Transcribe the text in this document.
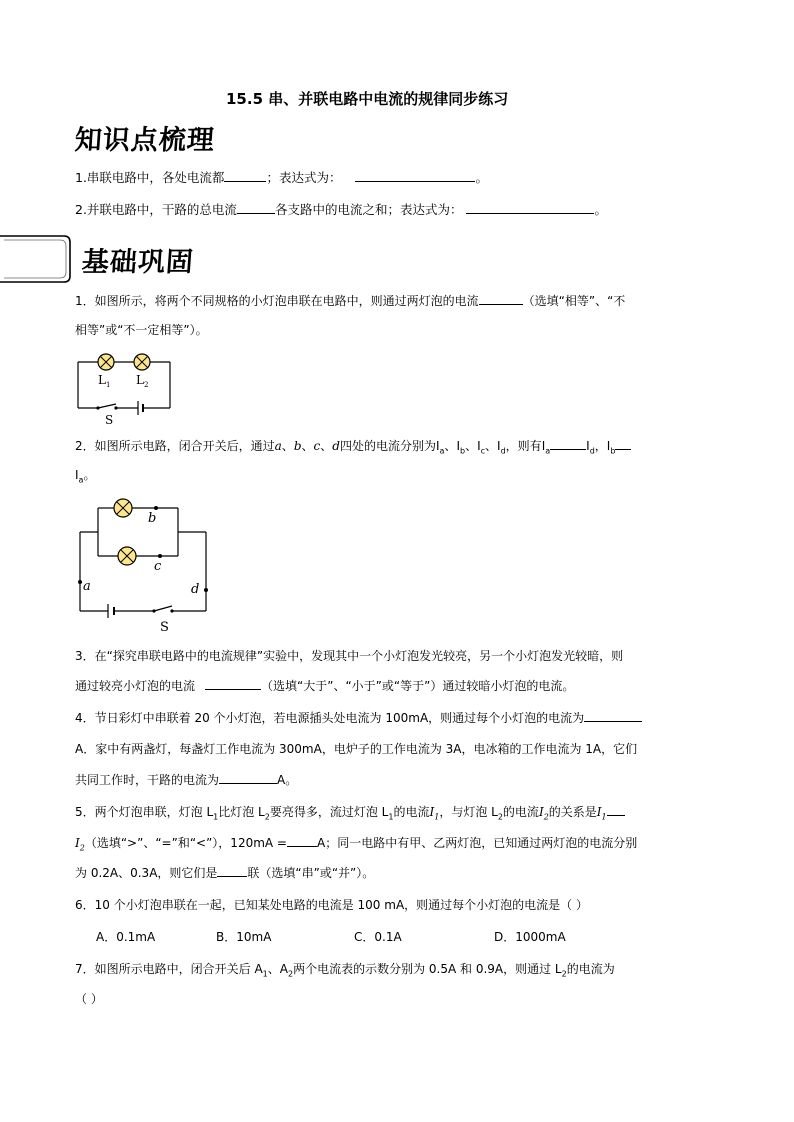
15.5 串、并联电路中电流的规律同步练习
知识点梳理
1.串联电路中，各处电流都	；表达式为：	。
2.并联电路中，干路的总电流	各支路中的电流之和；表达式为：	。
基础巩固
1．如图所示，将两个不同规格的小灯泡串联在电路中，则通过两灯泡的电流	（选填“相等”、“不
相等”或“不一定相等”）。
L 1 L 2
S
2．如图所示电路，闭合开关后，通过a、b、c、d四处的电流分别为$I_a$、$I_b$、$I_c$、$I_d$，则有$I_a$	$I_d$，$I_b$
$I_a$。
b
c
a	d
S
3．在“探究串联电路中的电流规律”实验中，发现其中一个小灯泡发光较亮，另一个小灯泡发光较暗，则
通过较亮小灯泡的电流	（选填“大于”、“小于”或“等于”）通过较暗小灯泡的电流。
4．节日彩灯中串联着 20 个小灯泡，若电源插头处电流为 100mA，则通过每个小灯泡的电流为
A．家中有两盏灯，每盏灯工作电流为 300mA，电炉子的工作电流为 3A，电冰箱的工作电流为 1A，它们
共同工作时，干路的电流为	A。
5．两个灯泡串联，灯泡 $L_1$比灯泡 $L_2$要亮得多，流过灯泡 $L_1$的电流$I_1$，与灯泡 $L_2$的电流$I_2$的关系是$I_1$
$I_2$（选填“>”、“=”和“<”），120mA =	A；同一电路中有甲、乙两灯泡，已知通过两灯泡的电流分别
为 0.2A、0.3A，则它们是	联（选填“串”或“并”）。
6．10 个小灯泡串联在一起，已知某处电路的电流是 100 mA，则通过每个小灯泡的电流是（ ）
A．0.1mA	B．10mA	C．0.1A	D．1000mA
7．如图所示电路中，闭合开关后 $A_1$、$A_2$两个电流表的示数分别为 0.5A 和 0.9A，则通过 $L_2$的电流为
（ ）
